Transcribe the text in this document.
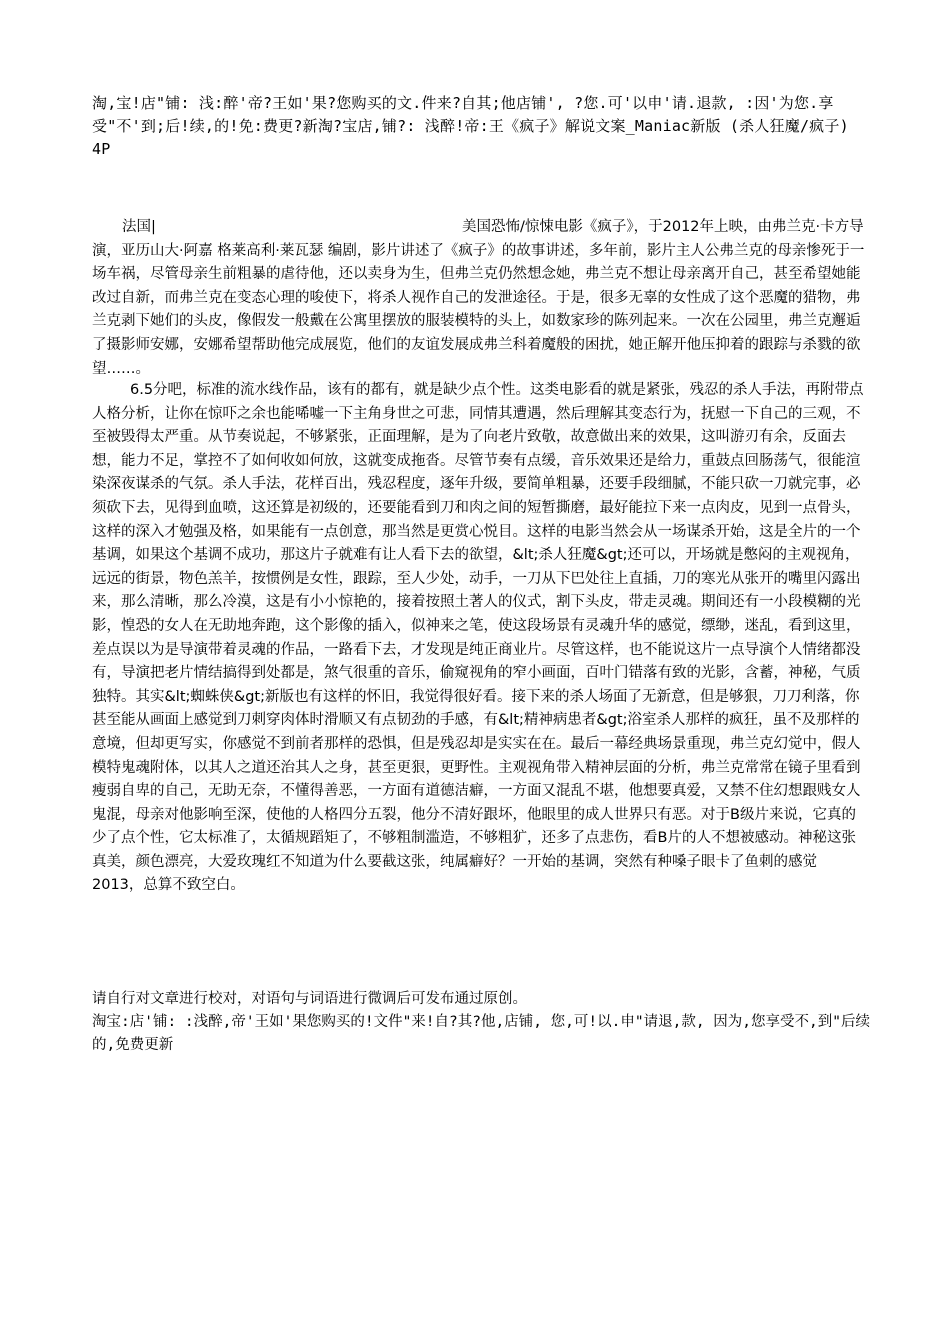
淘,宝!店"铺: 浅:醉'帝?王如'果?您购买的文.件来?自其;他店铺', ?您.可'以申'请.退款, :因'为您.享受"不'到;后!续,的!免:费更?新淘?宝店,铺?: 浅醉!帝:王《疯子》解说文案_Maniac新版 (杀人狂魔/疯子) 4P
法国|	美国恐怖/惊悚电影《疯子》，于2012年上映，由弗兰克·卡方导演，亚历山大·阿嘉 格莱高利·莱瓦瑟 编剧，影片讲述了《疯子》的故事讲述，多年前，影片主人公弗兰克的母亲惨死于一场车祸，尽管母亲生前粗暴的虐待他，还以卖身为生，但弗兰克仍然想念她，弗兰克不想让母亲离开自己，甚至希望她能改过自新，而弗兰克在变态心理的唆使下，将杀人视作自己的发泄途径。于是，很多无辜的女性成了这个恶魔的猎物，弗兰克剥下她们的头皮，像假发一般戴在公寓里摆放的服装模特的头上，如数家珍的陈列起来。一次在公园里，弗兰克邂逅了摄影师安娜，安娜希望帮助他完成展览，他们的友谊发展成弗兰科着魔般的困扰，她正解开他压抑着的跟踪与杀戮的欲望……。

6.5分吧，标准的流水线作品，该有的都有，就是缺少点个性。这类电影看的就是紧张，残忍的杀人手法，再附带点人格分析，让你在惊吓之余也能唏嘘一下主角身世之可悲，同情其遭遇，然后理解其变态行为，抚慰一下自己的三观，不至被毁得太严重。从节奏说起，不够紧张，正面理解，是为了向老片致敬，故意做出来的效果，这叫游刃有余，反面去想，能力不足，掌控不了如何收如何放，这就变成拖沓。尽管节奏有点缓，音乐效果还是给力，重鼓点回肠荡气，很能渲染深夜谋杀的气氛。杀人手法，花样百出，残忍程度，逐年升级，要简单粗暴，还要手段细腻，不能只砍一刀就完事，必须砍下去，见得到血喷，这还算是初级的，还要能看到刀和肉之间的短暂撕磨，最好能拉下来一点肉皮，见到一点骨头，这样的深入才勉强及格，如果能有一点创意，那当然是更赏心悦目。这样的电影当然会从一场谋杀开始，这是全片的一个基调，如果这个基调不成功，那这片子就难有让人看下去的欲望，&lt;杀人狂魔&gt;还可以，开场就是憋闷的主观视角，远远的街景，物色羔羊，按惯例是女性，跟踪，至人少处，动手，一刀从下巴处往上直插，刀的寒光从张开的嘴里闪露出来，那么清晰，那么冷漠，这是有小小惊艳的，接着按照土著人的仪式，割下头皮，带走灵魂。期间还有一小段模糊的光影，惶恐的女人在无助地奔跑，这个影像的插入，似神来之笔，使这段场景有灵魂升华的感觉，缥缈，迷乱，看到这里，差点误以为是导演带着灵魂的作品，一路看下去，才发现是纯正商业片。尽管这样，也不能说这片一点导演个人情绪都没有，导演把老片情结搞得到处都是，煞气很重的音乐，偷窥视角的窄小画面，百叶门错落有致的光影，含蓄，神秘，气质独特。其实&lt;蜘蛛侠&gt;新版也有这样的怀旧，我觉得很好看。接下来的杀人场面了无新意，但是够狠，刀刀利落，你甚至能从画面上感觉到刀刺穿肉体时滑顺又有点韧劲的手感，有&lt;精神病患者&gt;浴室杀人那样的疯狂，虽不及那样的意境，但却更写实，你感觉不到前者那样的恐惧，但是残忍却是实实在在。最后一幕经典场景重现，弗兰克幻觉中，假人模特鬼魂附体，以其人之道还治其人之身，甚至更狠，更野性。主观视角带入精神层面的分析，弗兰克常常在镜子里看到瘦弱自卑的自己，无助无奈，不懂得善恶，一方面有道德洁癖，一方面又混乱不堪，他想要真爱，又禁不住幻想跟贱女人鬼混，母亲对他影响至深，使他的人格四分五裂，他分不清好跟坏，他眼里的成人世界只有恶。对于B级片来说，它真的少了点个性，它太标准了，太循规蹈矩了，不够粗制滥造，不够粗犷，还多了点悲伤，看B片的人不想被感动。神秘这张真美，颜色漂亮，大爱玫瑰红不知道为什么要截这张，纯属癖好？一开始的基调，突然有种嗓子眼卡了鱼刺的感觉2013，总算不致空白。

请自行对文章进行校对，对语句与词语进行微调后可发布通过原创。
淘宝:店'铺: :浅醉,帝'王如'果您购买的!文件"来!自?其?他,店铺, 您,可!以.申"请退,款, 因为,您享受不,到"后续的,免费更新
